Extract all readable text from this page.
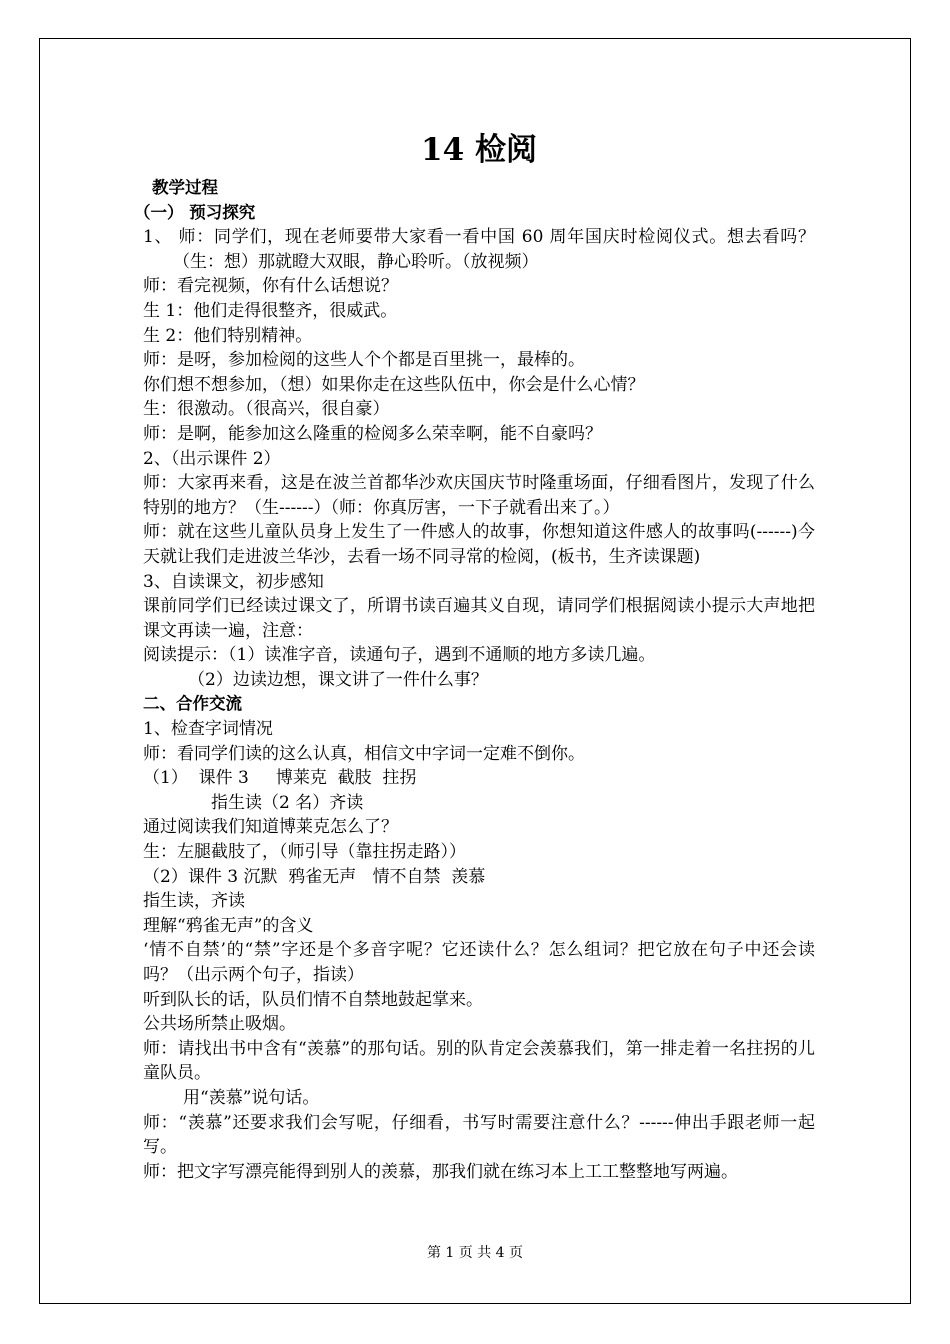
14 检阅
教学过程
（一） 预习探究
1、 师：同学们，现在老师要带大家看一看中国 60 周年国庆时检阅仪式。想去看吗？（生：想）那就瞪大双眼，静心聆听。（放视频）
师：看完视频，你有什么话想说？
生 1：他们走得很整齐，很威武。
生 2：他们特别精神。
师：是呀，参加检阅的这些人个个都是百里挑一，最棒的。
你们想不想参加，（想）如果你走在这些队伍中，你会是什么心情？
生：很激动。（很高兴，很自豪）
师：是啊，能参加这么隆重的检阅多么荣幸啊，能不自豪吗？
2、（出示课件 2）
师：大家再来看，这是在波兰首都华沙欢庆国庆节时隆重场面，仔细看图片，发现了什么特别的地方？（生------）（师：你真厉害，一下子就看出来了。）
师：就在这些儿童队员身上发生了一件感人的故事，你想知道这件感人的故事吗(------)今天就让我们走进波兰华沙，去看一场不同寻常的检阅，(板书，生齐读课题)
3、自读课文，初步感知
课前同学们已经读过课文了，所谓书读百遍其义自现，请同学们根据阅读小提示大声地把课文再读一遍，注意：
阅读提示：（1）读准字音，读通句子，遇到不通顺的地方多读几遍。
（2）边读边想，课文讲了一件什么事？
二、合作交流
1、检查字词情况
师：看同学们读的这么认真，相信文中字词一定难不倒你。
（1）  课件 3     博莱克  截肢  拄拐
指生读（2 名）齐读
通过阅读我们知道博莱克怎么了？
生：左腿截肢了，（师引导（靠拄拐走路））
（2）课件 3 沉默  鸦雀无声   情不自禁  羡慕
指生读，齐读
理解“鸦雀无声”的含义
‘情不自禁’的“禁”字还是个多音字呢？它还读什么？怎么组词？把它放在句子中还会读吗？（出示两个句子，指读）
听到队长的话，队员们情不自禁地鼓起掌来。
公共场所禁止吸烟。
师：请找出书中含有“羡慕”的那句话。别的队肯定会羡慕我们，第一排走着一名拄拐的儿童队员。
用“羡慕”说句话。
师：“羡慕”还要求我们会写呢，仔细看，书写时需要注意什么？------伸出手跟老师一起写。
师：把文字写漂亮能得到别人的羡慕，那我们就在练习本上工工整整地写两遍。
第 1 页 共 4 页
